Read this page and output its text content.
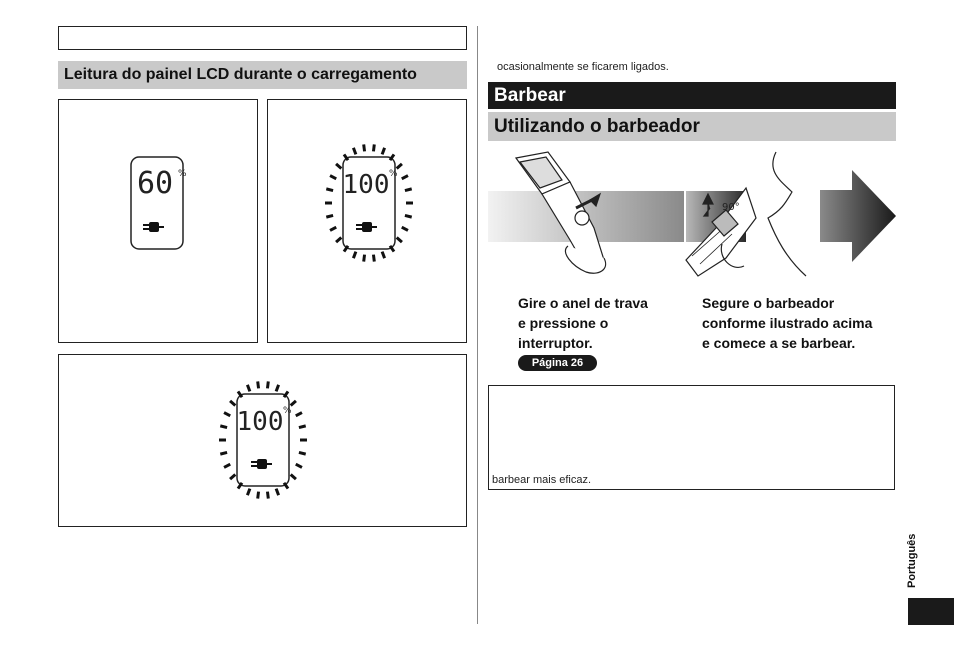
Leitura do painel LCD durante o carregamento
60 %	100 %
100 %
ocasionalmente se ficarem ligados.
Barbear
Utilizando o barbeador
90°
Gire o anel de trava
e pressione o
interruptor.
Página 26
Segure o barbeador
conforme ilustrado acima
e comece a se barbear.
barbear mais eficaz.
Português
